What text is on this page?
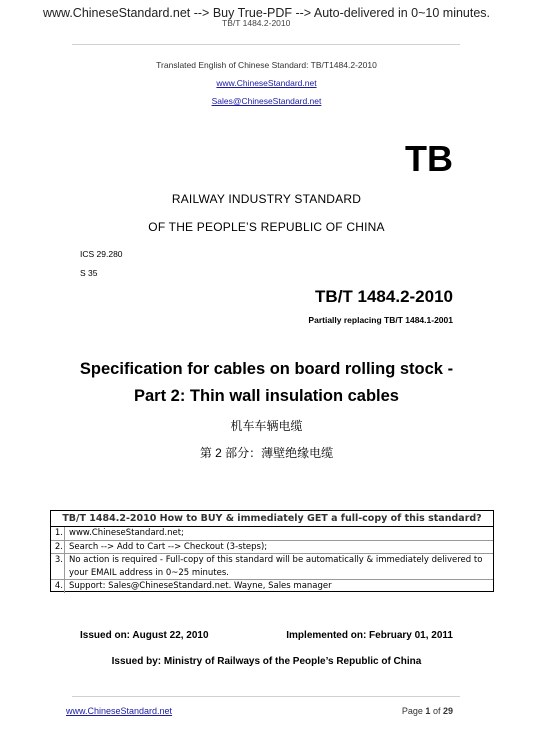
www.ChineseStandard.net --> Buy True-PDF --> Auto-delivered in 0~10 minutes.
TB/T 1484.2-2010
Translated English of Chinese Standard: TB/T1484.2-2010
www.ChineseStandard.net
Sales@ChineseStandard.net
TB
RAILWAY INDUSTRY STANDARD
OF THE PEOPLE’S REPUBLIC OF CHINA
ICS 29.280
S 35
TB/T 1484.2-2010
Partially replacing TB/T 1484.1-2001
Specification for cables on board rolling stock -
Part 2: Thin wall insulation cables
机车车辆电缆
第 2 部分：薄壁绝缘电缆
TB/T 1484.2-2010 How to BUY & immediately GET a full-copy of this standard?
1. www.ChineseStandard.net;
2. Search --> Add to Cart --> Checkout (3-steps);
3. No action is required - Full-copy of this standard will be automatically & immediately delivered to your EMAIL address in 0~25 minutes.
4. Support: Sales@ChineseStandard.net. Wayne, Sales manager
Issued on: August 22, 2010	Implemented on: February 01, 2011
Issued by: Ministry of Railways of the People’s Republic of China
www.ChineseStandard.net	Page 1 of 29
